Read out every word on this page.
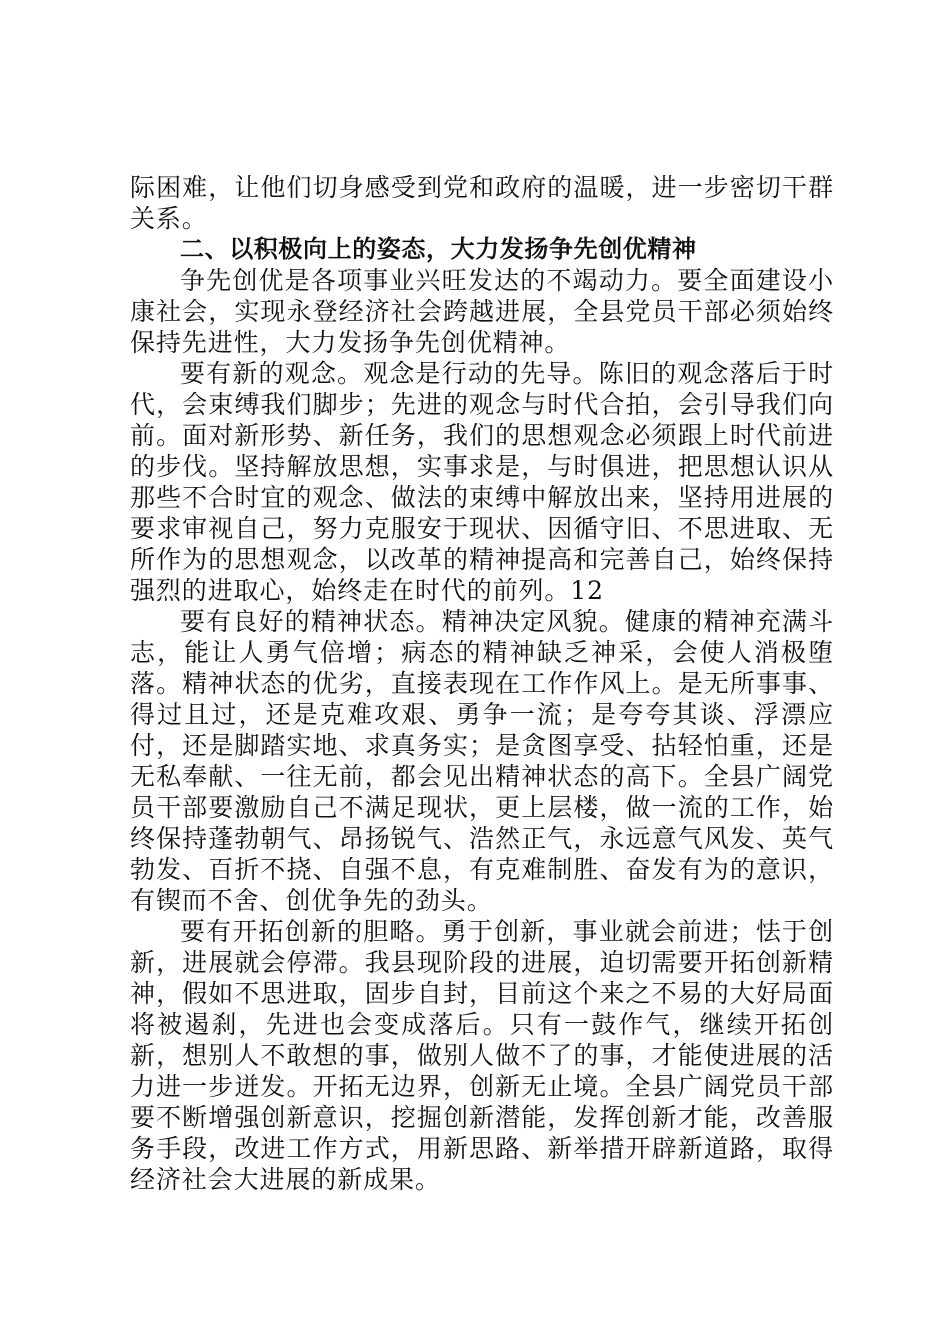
际困难，让他们切身感受到党和政府的温暖，进一步密切干群关系。

二、以积极向上的姿态，大力发扬争先创优精神

争先创优是各项事业兴旺发达的不竭动力。要全面建设小康社会，实现永登经济社会跨越进展，全县党员干部必须始终保持先进性，大力发扬争先创优精神。

要有新的观念。观念是行动的先导。陈旧的观念落后于时代，会束缚我们脚步；先进的观念与时代合拍，会引导我们向前。面对新形势、新任务，我们的思想观念必须跟上时代前进的步伐。坚持解放思想，实事求是，与时俱进，把思想认识从那些不合时宜的观念、做法的束缚中解放出来，坚持用进展的要求审视自己，努力克服安于现状、因循守旧、不思进取、无所作为的思想观念，以改革的精神提高和完善自己，始终保持强烈的进取心，始终走在时代的前列。12

要有良好的精神状态。精神决定风貌。健康的精神充满斗志，能让人勇气倍增；病态的精神缺乏神采，会使人消极堕落。精神状态的优劣，直接表现在工作作风上。是无所事事、得过且过，还是克难攻艰、勇争一流；是夸夸其谈、浮漂应付，还是脚踏实地、求真务实；是贪图享受、拈轻怕重，还是无私奉献、一往无前，都会见出精神状态的高下。全县广阔党员干部要激励自己不满足现状，更上层楼，做一流的工作，始终保持蓬勃朝气、昂扬锐气、浩然正气，永远意气风发、英气勃发、百折不挠、自强不息，有克难制胜、奋发有为的意识，有锲而不舍、创优争先的劲头。

要有开拓创新的胆略。勇于创新，事业就会前进；怯于创新，进展就会停滞。我县现阶段的进展，迫切需要开拓创新精神，假如不思进取，固步自封，目前这个来之不易的大好局面将被遏刹，先进也会变成落后。只有一鼓作气，继续开拓创新，想别人不敢想的事，做别人做不了的事，才能使进展的活力进一步迸发。开拓无边界，创新无止境。全县广阔党员干部要不断增强创新意识，挖掘创新潜能，发挥创新才能，改善服务手段，改进工作方式，用新思路、新举措开辟新道路，取得经济社会大进展的新成果。
